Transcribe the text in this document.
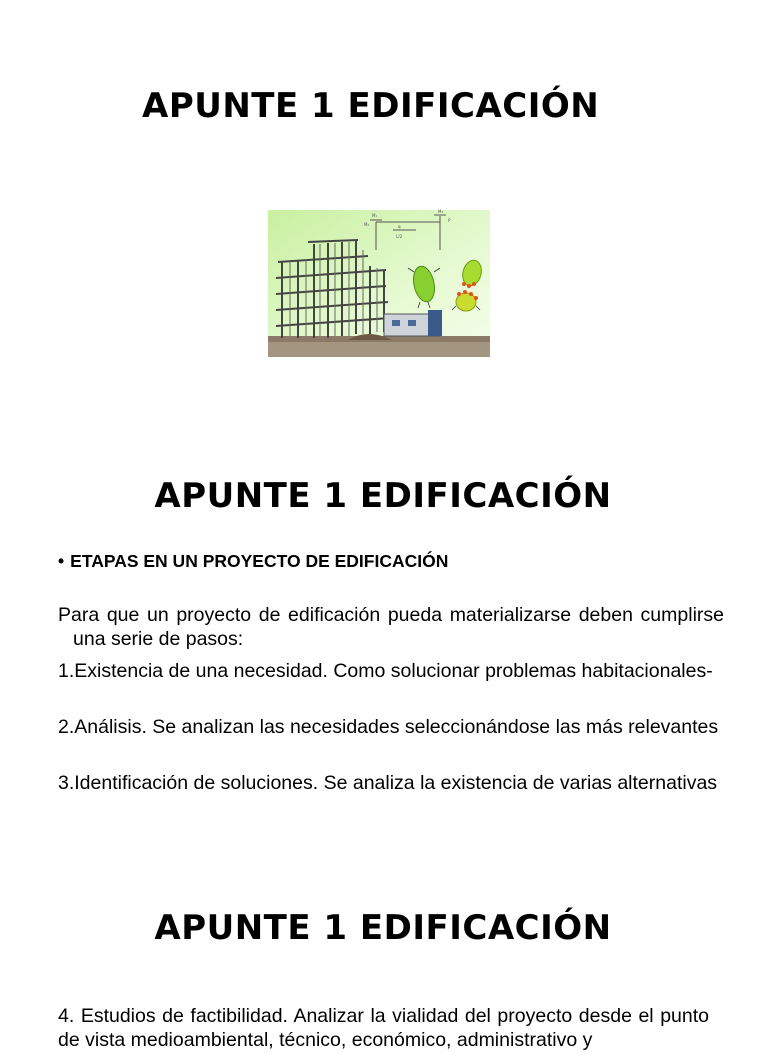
APUNTE 1 EDIFICACIÓN
M₁
M₂	q
M₃
P
L/2
APUNTE 1 EDIFICACIÓN
• ETAPAS EN UN PROYECTO DE EDIFICACIÓN

Para que un proyecto de edificación pueda materializarse deben cumplirse una serie de pasos:

1.Existencia de una necesidad. Como solucionar problemas habitacionales-

2.Análisis. Se analizan las necesidades seleccionándose las más relevantes

3.Identificación de soluciones. Se analiza la existencia de varias alternativas

APUNTE 1 EDIFICACIÓN

4. Estudios de factibilidad. Analizar la vialidad del proyecto desde el punto de vista medioambiental, técnico, económico, administrativo y
